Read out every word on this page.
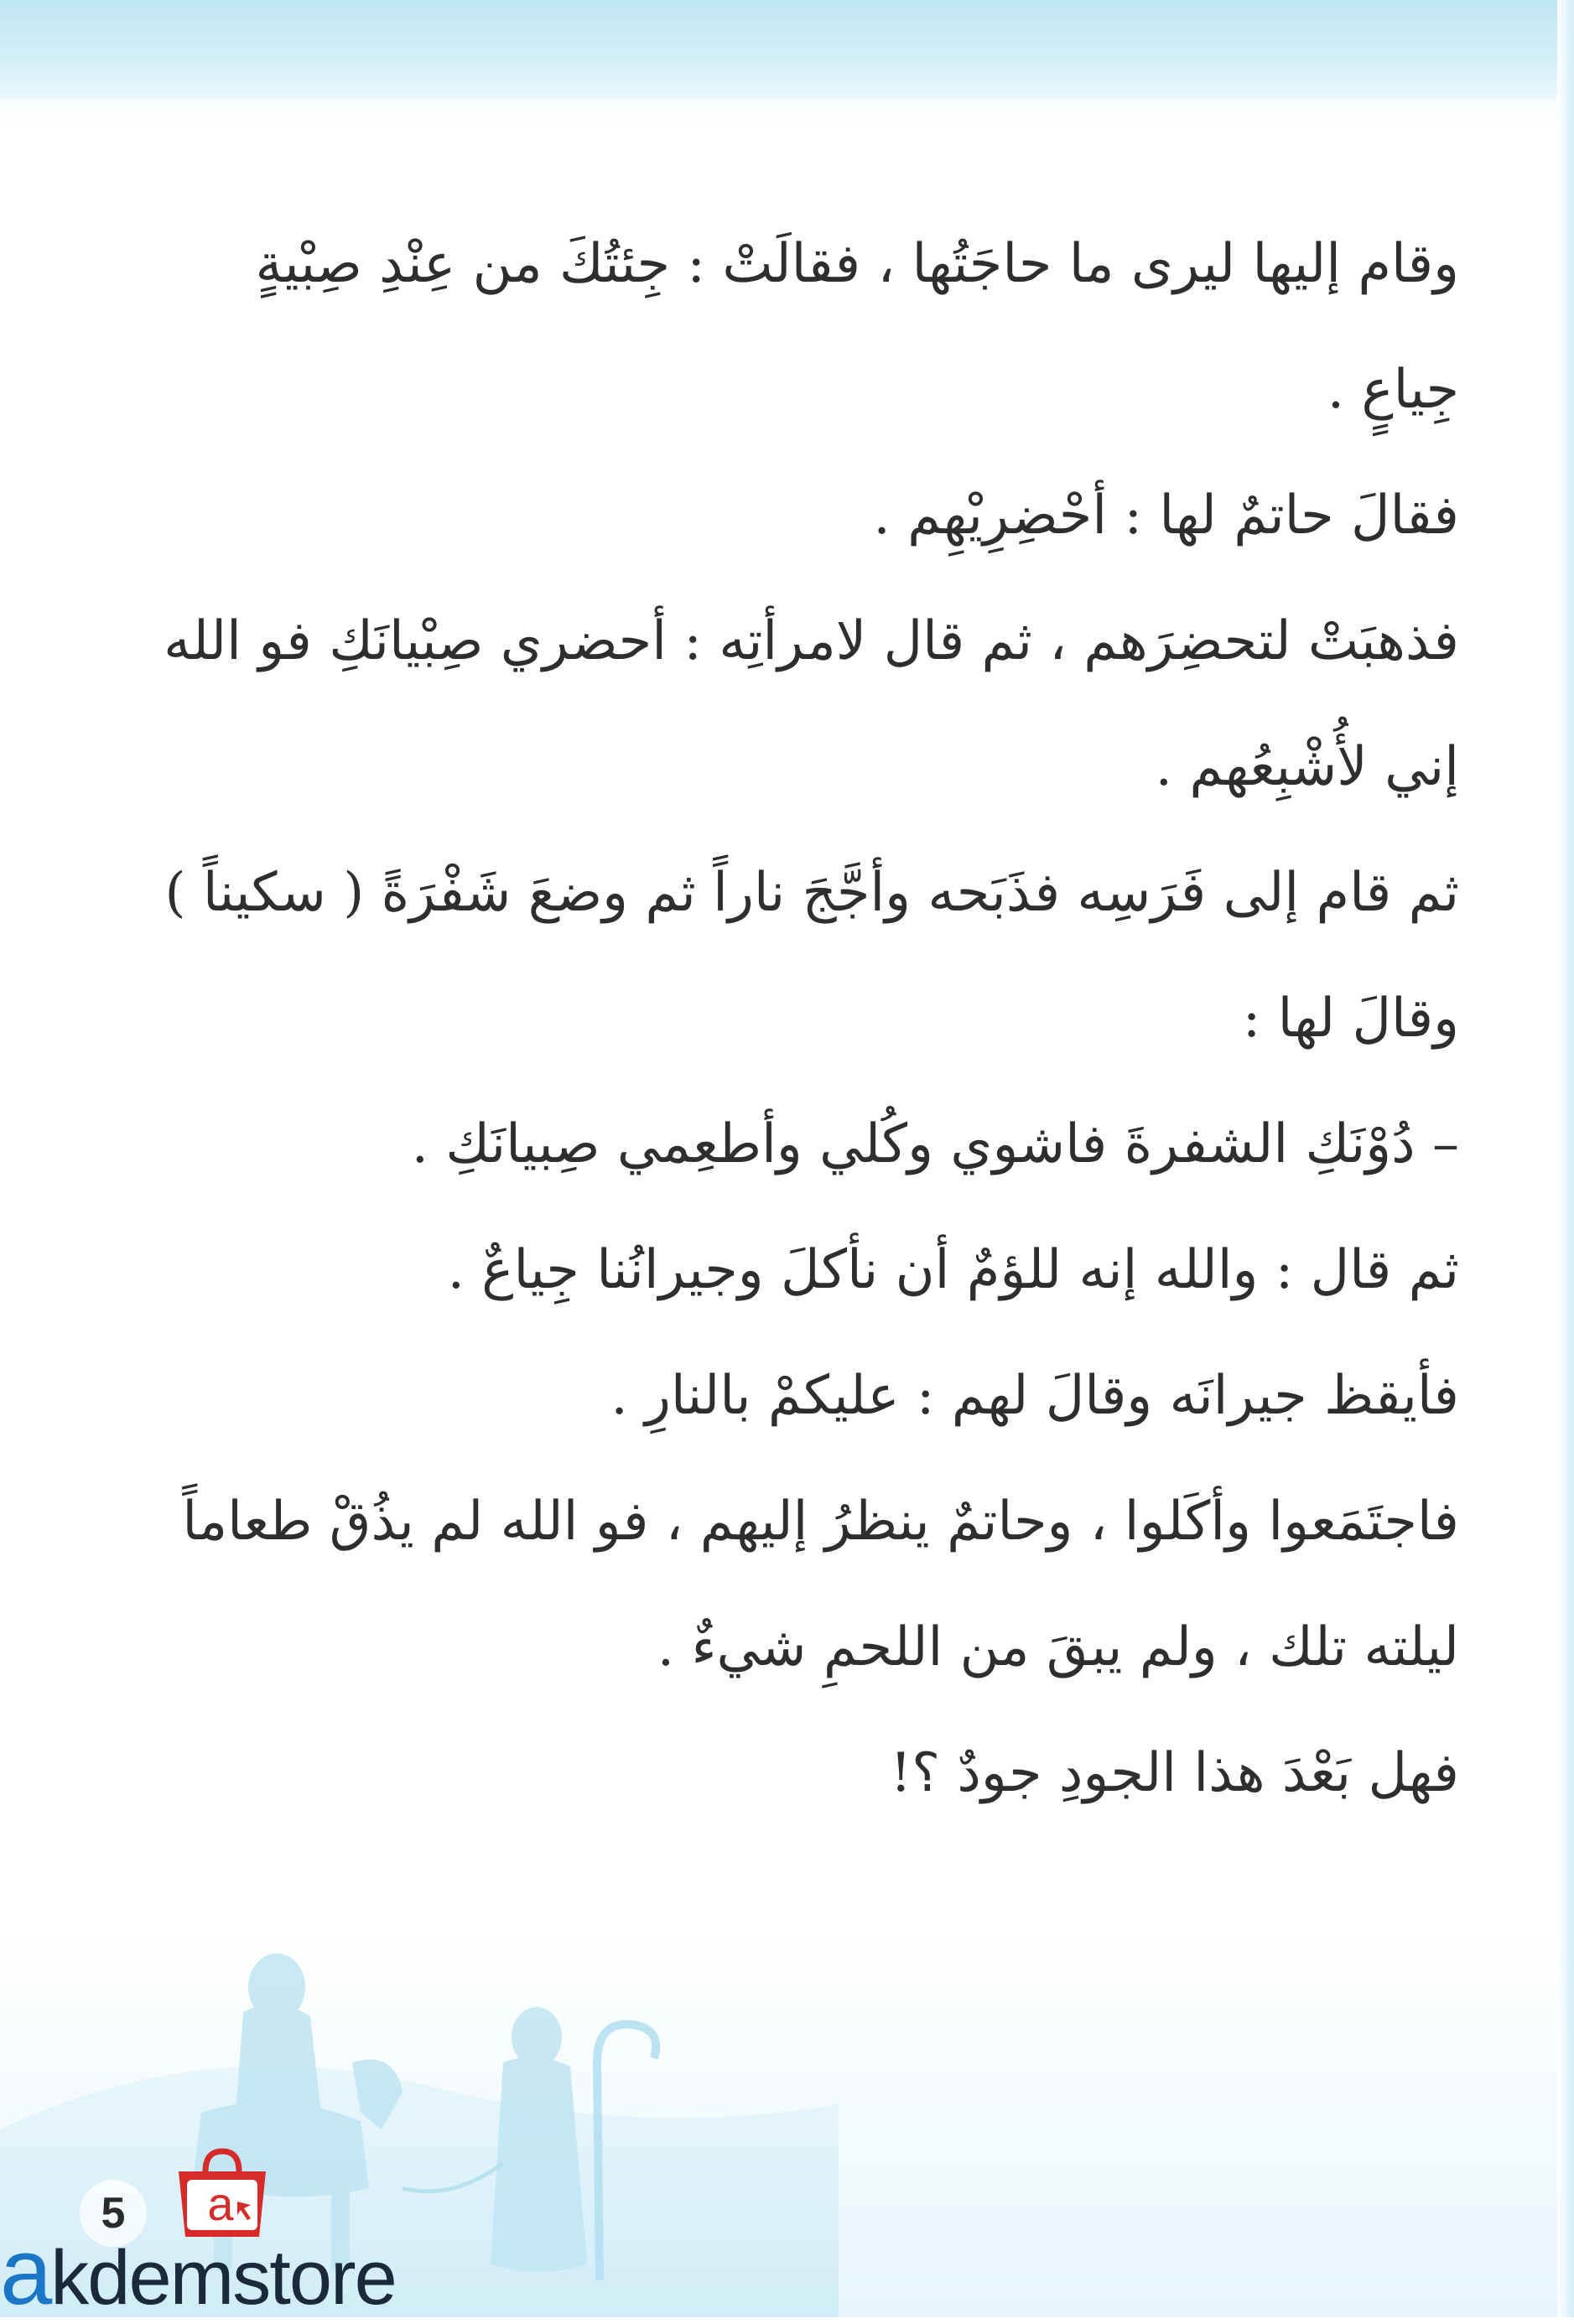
وقام إليها ليرى ما حاجَتُها ، فقالَتْ : جِئتُكَ من عِنْدِ صِبْيةٍ
جِياعٍ .
فقالَ حاتمٌ لها : أحْضِرِيْهِم .
فذهبَتْ لتحضِرَهم ، ثم قال لامرأتِه : أحضري صِبْيانَكِ فو الله
إني لأُشْبِعُهم .
ثم قام إلى فَرَسِه فذَبَحه وأجَّجَ ناراً ثم وضعَ شَفْرَةً ( سكيناً )
وقالَ لها :
– دُوْنَكِ الشفرةَ فاشوي وكُلي وأطعِمي صِبيانَكِ .
ثم قال : والله إنه للؤمٌ أن نأكلَ وجيرانُنا جِياعٌ .
فأيقظ جيرانَه وقالَ لهم : عليكمْ بالنارِ .
فاجتَمَعوا وأكَلوا ، وحاتمٌ ينظرُ إليهم ، فو الله لم يذُقْ طعاماً
ليلته تلك ، ولم يبقَ من اللحمِ شيءٌ .
فهل بَعْدَ هذا الجودِ جودٌ ؟!
5	a
akdemstore
